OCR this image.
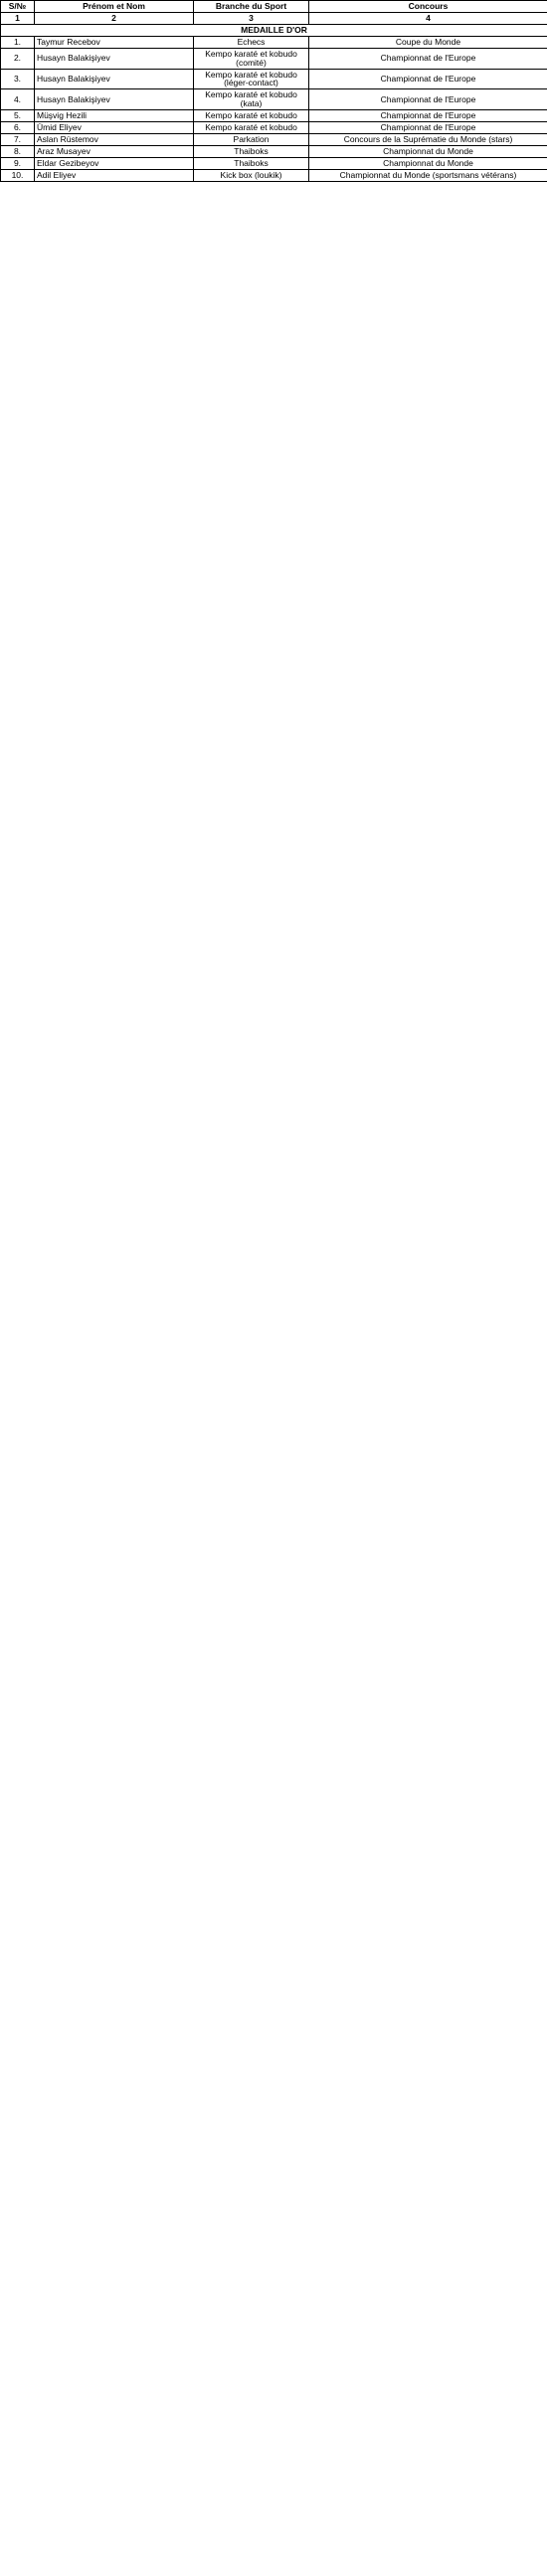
S/№	Prénom et Nom	Branche du Sport	Concours
1	2	3	4
MEDAILLE D'OR			
1.	Taymur Recebov	Echecs	Coupe du Monde
2.	Husayn Balakişiyev	Kempo karaté et kobudo (comité)	Championnat de l'Europe
3.	Husayn Balakişiyev	Kempo karaté et kobudo (léger-contact)	Championnat de l'Europe
4.	Husayn Balakişiyev	Kempo karaté et kobudo (kata)	Championnat de l'Europe
5.	Müşvig Hezili	Kempo karaté et kobudo	Championnat de l'Europe
6.	Ümid Eliyev	Kempo karaté et kobudo	Championnat de l'Europe
7.	Aslan Rüstemov	Parkation	Concours de la Suprématie du Monde (stars)
8.	Araz Musayev	Thaiboks	Championnat du Monde
9.	Eldar Gezibeyov	Thaiboks	Championnat du Monde
10.	Adil Eliyev	Kick box (loukik)	Championnat du Monde (sportsmans vétérans)
